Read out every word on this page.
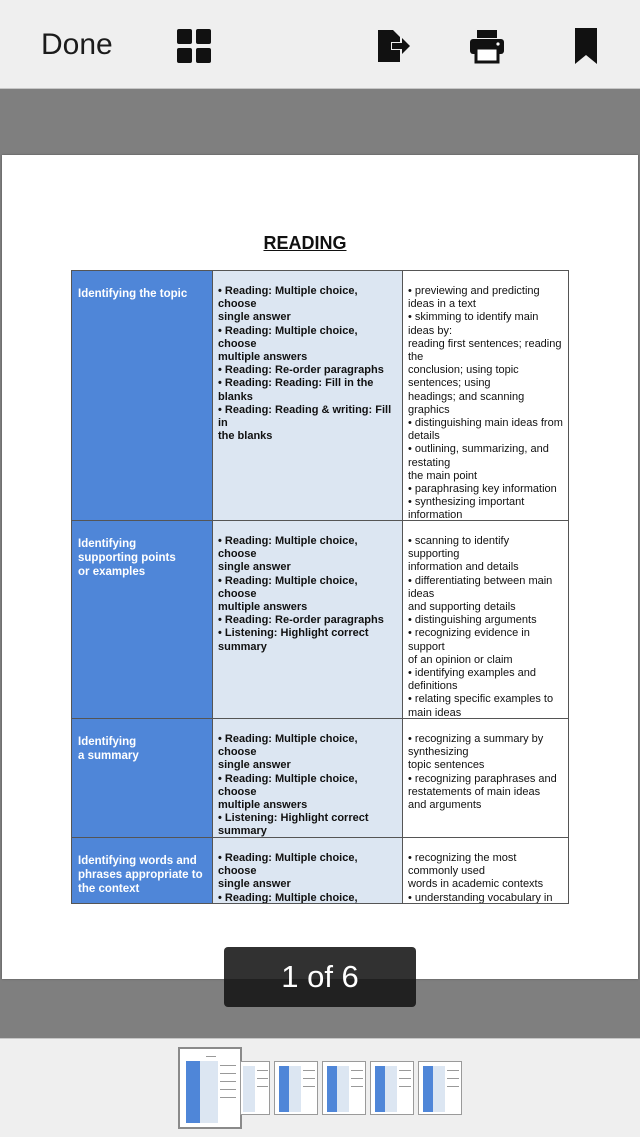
Done
READING
Identifying the topic	• Reading: Multiple choice, choose
single answer
• Reading: Multiple choice, choose
multiple answers
• Reading: Re-order paragraphs
• Reading: Reading: Fill in the blanks
• Reading: Reading & writing: Fill in
the blanks
• previewing and predicting ideas in a text
• skimming to identify main ideas by:
reading first sentences; reading the
conclusion; using topic sentences; using
headings; and scanning graphics
• distinguishing main ideas from details
• outlining, summarizing, and restating
the main point
• paraphrasing key information
• synthesizing important information
Identifying
supporting points
or examples
• Reading: Multiple choice, choose
single answer
• Reading: Multiple choice, choose
multiple answers
• Reading: Re-order paragraphs
• Listening: Highlight correct summary
• scanning to identify supporting
information and details
• differentiating between main ideas
and supporting details
• distinguishing arguments
• recognizing evidence in support
of an opinion or claim
• identifying examples and definitions
• relating specific examples to main ideas
Identifying
a summary
• Reading: Multiple choice, choose
single answer
• Reading: Multiple choice, choose
multiple answers
• Listening: Highlight correct summary
• recognizing a summary by synthesizing
topic sentences
• recognizing paraphrases and
restatements of main ideas
and arguments
Identifying words and phrases appropriate to the context
• Reading: Multiple choice, choose
single answer
• Reading: Multiple choice,
• recognizing the most commonly used
words in academic contexts
• understanding vocabulary in
1 of 6
